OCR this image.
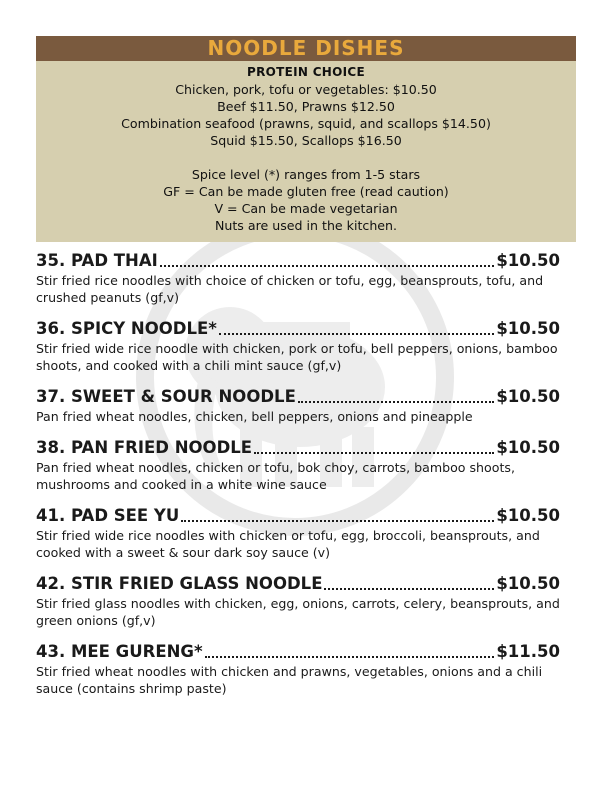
NOODLE DISHES
PROTEIN CHOICE
Chicken, pork, tofu or vegetables: $10.50
Beef $11.50, Prawns $12.50
Combination seafood (prawns, squid, and scallops $14.50)
Squid $15.50, Scallops $16.50
Spice level (*) ranges from 1-5 stars
GF = Can be made gluten free (read caution)
V = Can be made vegetarian
Nuts are used in the kitchen.
35. PAD THAI	$10.50
Stir fried rice noodles with choice of chicken or tofu, egg, beansprouts, tofu, and crushed peanuts (gf,v)
36. SPICY NOODLE*	$10.50
Stir fried wide rice noodle with chicken, pork or tofu, bell peppers, onions, bamboo shoots, and cooked with a chili mint sauce (gf,v)
37. SWEET & SOUR NOODLE	$10.50
Pan fried wheat noodles, chicken, bell peppers, onions and pineapple
38. PAN FRIED NOODLE	$10.50
Pan fried wheat noodles, chicken or tofu, bok choy, carrots, bamboo shoots, mushrooms and cooked in a white wine sauce
41. PAD SEE YU	$10.50
Stir fried wide rice noodles with chicken or tofu, egg, broccoli, beansprouts, and cooked with a sweet & sour dark soy sauce (v)
42. STIR FRIED GLASS NOODLE	$10.50
Stir fried glass noodles with chicken, egg, onions, carrots, celery, beansprouts, and green onions (gf,v)
43. MEE GURENG*	$11.50
Stir fried wheat noodles with chicken and prawns, vegetables, onions and a chili sauce (contains shrimp paste)
